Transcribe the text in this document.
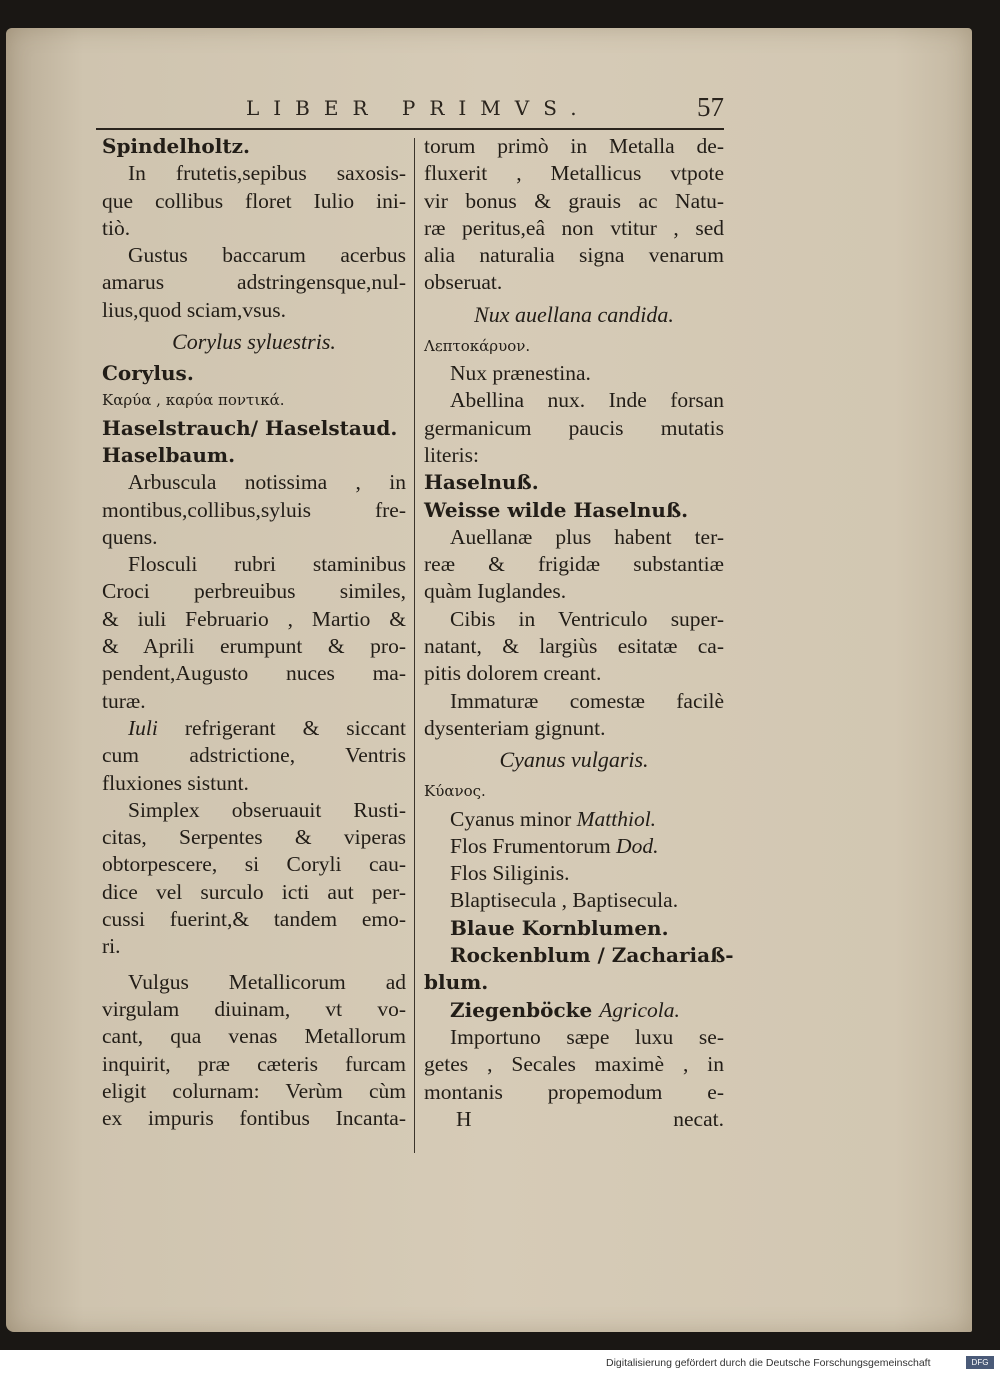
LIBER PRIMVS.	57
Spindelholtz.
In frutetis,sepibus saxosis-
que collibus floret Iulio ini-
tiò.
Gustus baccarum acerbus
amarus adstringensque,nul-
lius,quod sciam,vsus.
Corylus syluestris.
Corylus.
Καρύα , καρύα ποντικά.
Haselstrauch/ Haselstaud.
Haselbaum.
Arbuscula notissima , in
montibus,collibus,syluis fre-
quens.
Flosculi rubri staminibus
Croci perbreuibus similes,
& iuli Februario , Martio &
& Aprili erumpunt & pro-
pendent,Augusto nuces ma-
turæ.
Iuli refrigerant & siccant
cum adstrictione, Ventris
fluxiones sistunt.
Simplex obseruauit Rusti-
citas, Serpentes & viperas
obtorpescere, si Coryli cau-
dice vel surculo icti aut per-
cussi fuerint,& tandem emo-
ri.
Vulgus Metallicorum ad
virgulam diuinam, vt vo-
cant, qua venas Metallorum
inquirit, præ cæteris furcam
eligit colurnam: Verùm cùm
ex impuris fontibus Incanta-
torum primò in Metalla de-
fluxerit , Metallicus vtpote
vir bonus & grauis ac Natu-
ræ peritus,eâ non vtitur , sed
alia naturalia signa venarum
obseruat.
Nux auellana candida.
Λεπτοκάρυον.
Nux prænestina.
Abellina nux. Inde forsan
germanicum paucis mutatis
literis:
Haselnuß.
Weisse wilde Haselnuß.
Auellanæ plus habent ter-
reæ & frigidæ substantiæ
quàm Iuglandes.
Cibis in Ventriculo super-
natant, & largiùs esitatæ ca-
pitis dolorem creant.
Immaturæ comestæ facilè
dysenteriam gignunt.
Cyanus vulgaris.
Κύανος.
Cyanus minor Matthiol.
Flos Frumentorum Dod.
Flos Siliginis.
Blaptisecula , Baptisecula.
Blaue Kornblumen.
Rockenblum / Zachariaß-
blum.
Ziegenböcke Agricola.
Importuno sæpe luxu se-
getes , Secales maximè , in
montanis propemodum e-
H	necat.
Digitalisierung gefördert durch die Deutsche Forschungsgemeinschaft	DFG
